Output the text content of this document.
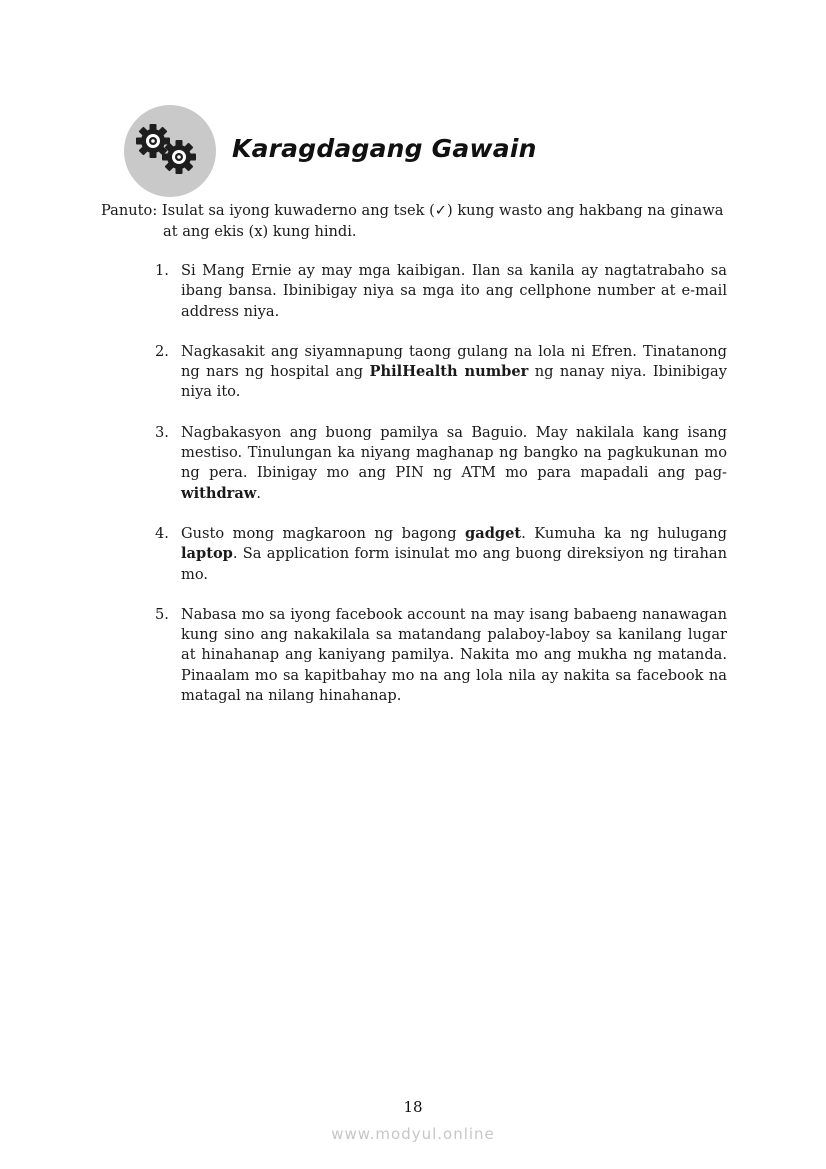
Karagdagang Gawain
Panuto: Isulat sa iyong kuwaderno ang tsek (✓) kung wasto ang hakbang na ginawa
at ang ekis (x) kung hindi.
1. Si Mang Ernie ay may mga kaibigan. Ilan sa kanila ay nagtatrabaho sa ibang bansa. Ibinibigay niya sa mga ito ang cellphone number at e-mail address niya.
2. Nagkasakit ang siyamnapung taong gulang na lola ni Efren. Tinatanong ng nars ng hospital ang PhilHealth number ng nanay niya. Ibinibigay niya ito.
3. Nagbakasyon ang buong pamilya sa Baguio. May nakilala kang isang mestiso. Tinulungan ka niyang maghanap ng bangko na pagkukunan mo ng pera. Ibinigay mo ang PIN ng ATM mo para mapadali ang pag-withdraw.
4. Gusto mong magkaroon ng bagong gadget. Kumuha ka ng hulugang laptop. Sa application form isinulat mo ang buong direksiyon ng tirahan mo.
5. Nabasa mo sa iyong facebook account na may isang babaeng nanawagan kung sino ang nakakilala sa matandang palaboy-laboy sa kanilang lugar at hinahanap ang kaniyang pamilya. Nakita mo ang mukha ng matanda. Pinaalam mo sa kapitbahay mo na ang lola nila ay nakita sa facebook na matagal na nilang hinahanap.
18
www.modyul.online
